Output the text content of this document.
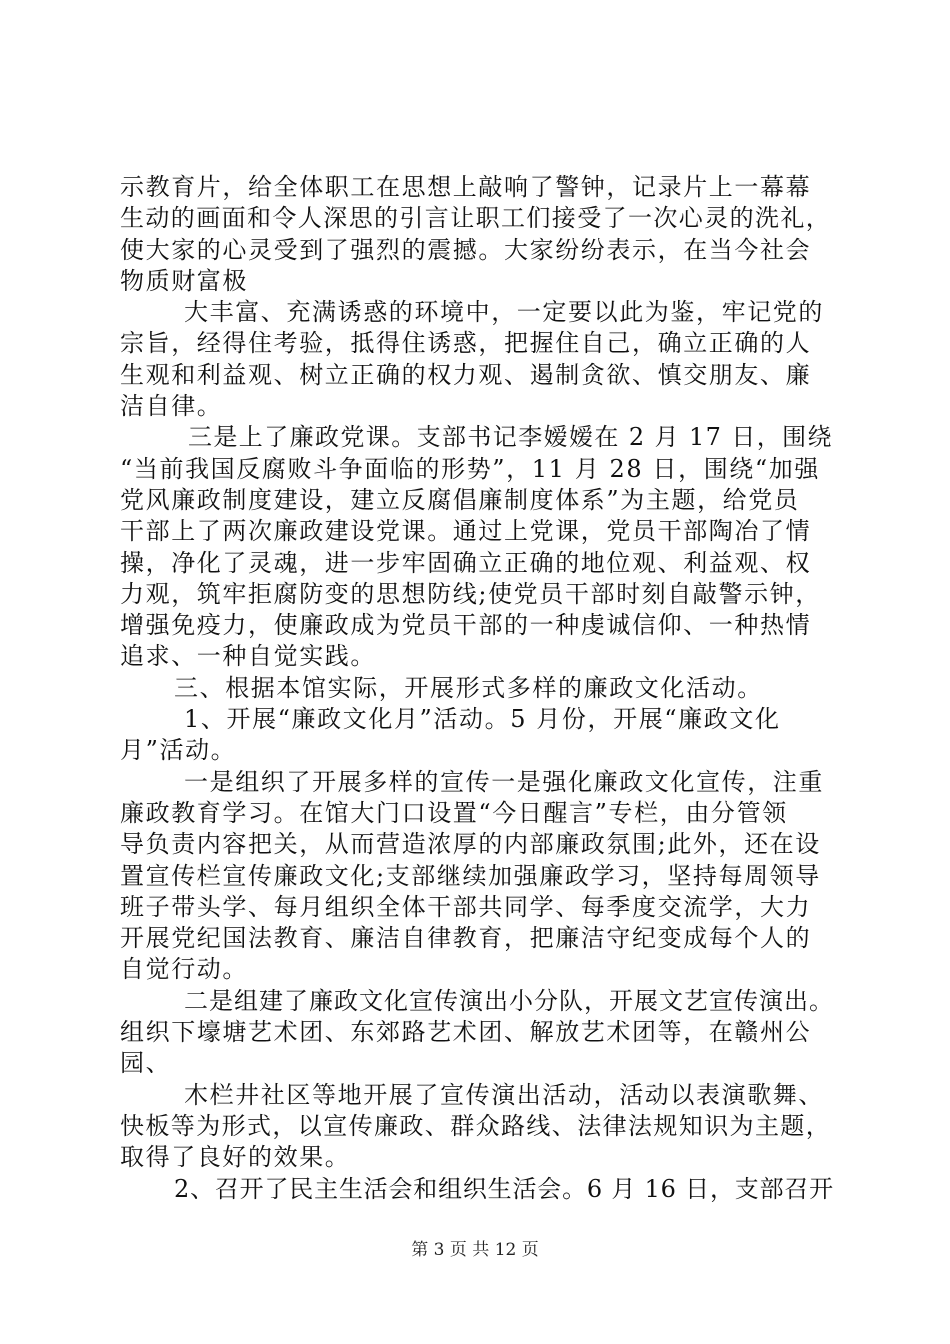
示教育片，给全体职工在思想上敲响了警钟，记录片上一幕幕
生动的画面和令人深思的引言让职工们接受了一次心灵的洗礼，
使大家的心灵受到了强烈的震撼。大家纷纷表示，在当今社会
物质财富极
大丰富、充满诱惑的环境中，一定要以此为鉴，牢记党的
宗旨，经得住考验，抵得住诱惑，把握住自己，确立正确的人
生观和利益观、树立正确的权力观、遏制贪欲、慎交朋友、廉
洁自律。
三是上了廉政党课。支部书记李嫒嫒在 2 月 17 日，围绕
“当前我国反腐败斗争面临的形势”，11 月 28 日，围绕“加强
党风廉政制度建设，建立反腐倡廉制度体系”为主题，给党员
干部上了两次廉政建设党课。通过上党课，党员干部陶冶了情
操，净化了灵魂，进一步牢固确立正确的地位观、利益观、权
力观，筑牢拒腐防变的思想防线;使党员干部时刻自敲警示钟，
增强免疫力，使廉政成为党员干部的一种虔诚信仰、一种热情
追求、一种自觉实践。
三、根据本馆实际，开展形式多样的廉政文化活动。
1、开展“廉政文化月”活动。5 月份，开展“廉政文化
月”活动。
一是组织了开展多样的宣传一是强化廉政文化宣传，注重
廉政教育学习。在馆大门口设置“今日醒言”专栏，由分管领
导负责内容把关，从而营造浓厚的内部廉政氛围;此外，还在设
置宣传栏宣传廉政文化;支部继续加强廉政学习，坚持每周领导
班子带头学、每月组织全体干部共同学、每季度交流学，大力
开展党纪国法教育、廉洁自律教育，把廉洁守纪变成每个人的
自觉行动。
二是组建了廉政文化宣传演出小分队，开展文艺宣传演出。
组织下壕塘艺术团、东郊路艺术团、解放艺术团等，在赣州公
园、
木栏井社区等地开展了宣传演出活动，活动以表演歌舞、
快板等为形式，以宣传廉政、群众路线、法律法规知识为主题，
取得了良好的效果。
2、召开了民主生活会和组织生活会。6 月 16 日，支部召开
第 3 页 共 12 页
